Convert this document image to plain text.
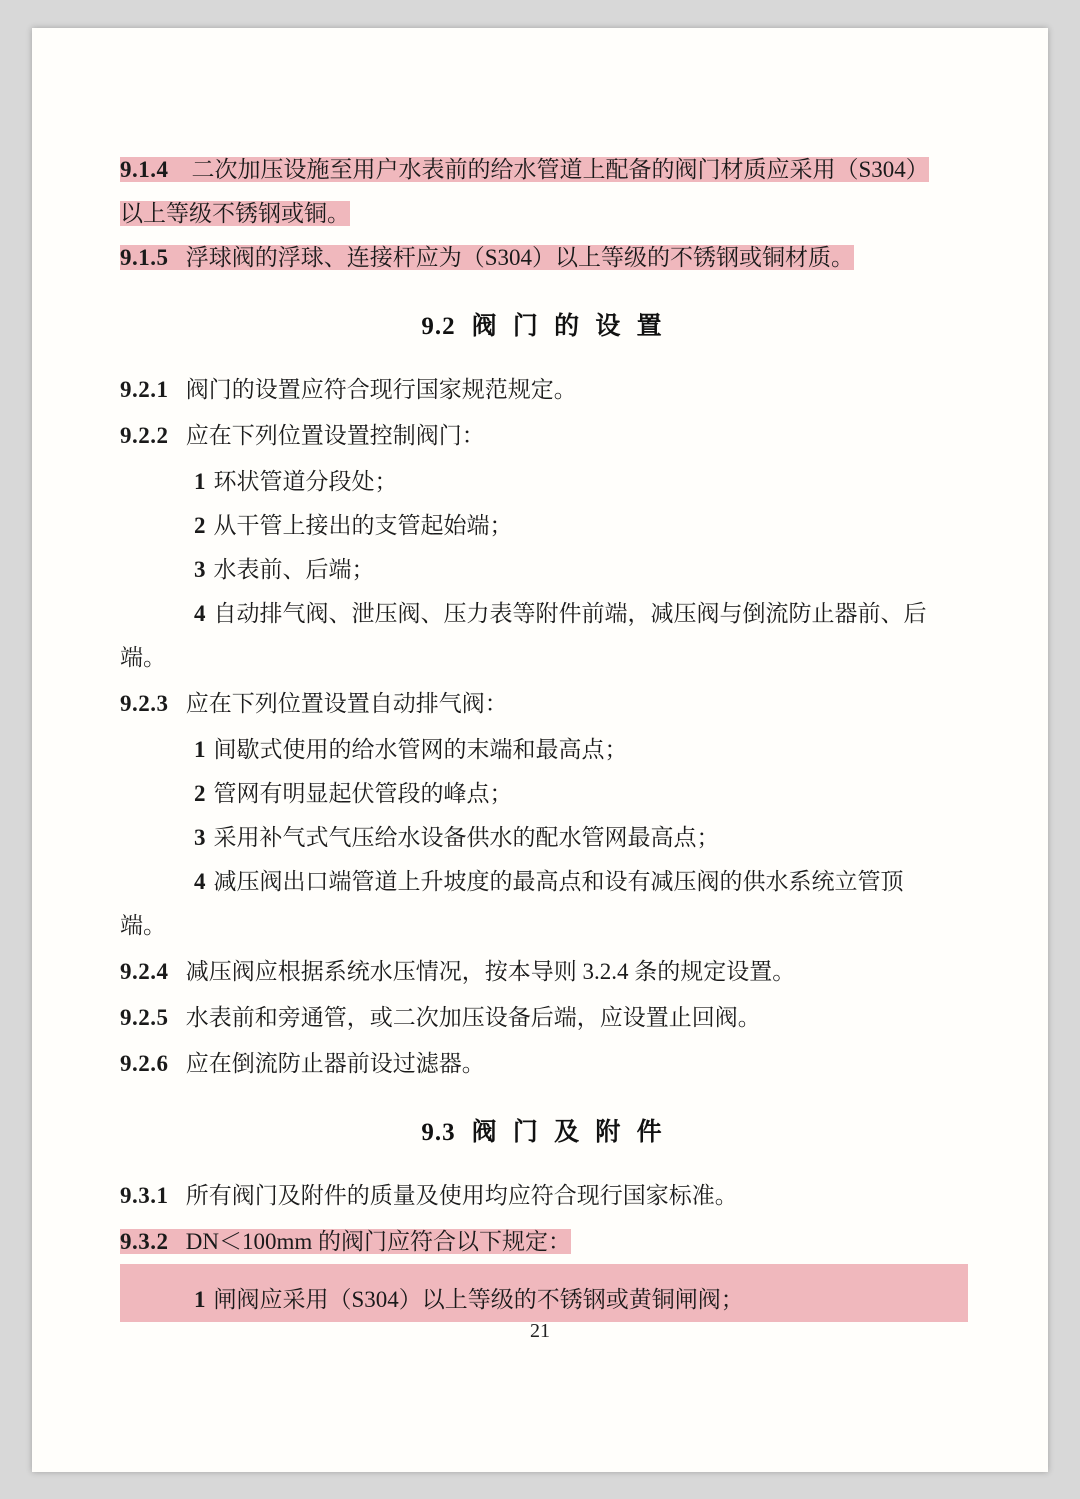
9.1.4 二次加压设施至用户水表前的给水管道上配备的阀门材质应采用（S304）

以上等级不锈钢或铜。

9.1.5 浮球阀的浮球、连接杆应为（S304）以上等级的不锈钢或铜材质。

9.2 阀 门 的 设 置

9.2.1 阀门的设置应符合现行国家规范规定。

9.2.2 应在下列位置设置控制阀门：

1 环状管道分段处；

2 从干管上接出的支管起始端；

3 水表前、后端；

4 自动排气阀、泄压阀、压力表等附件前端，减压阀与倒流防止器前、后

端。

9.2.3 应在下列位置设置自动排气阀：

1 间歇式使用的给水管网的末端和最高点；

2 管网有明显起伏管段的峰点；

3 采用补气式气压给水设备供水的配水管网最高点；

4 减压阀出口端管道上升坡度的最高点和设有减压阀的供水系统立管顶

端。

9.2.4 减压阀应根据系统水压情况，按本导则 3.2.4 条的规定设置。

9.2.5 水表前和旁通管，或二次加压设备后端，应设置止回阀。

9.2.6 应在倒流防止器前设过滤器。

9.3 阀 门 及 附 件

9.3.1 所有阀门及附件的质量及使用均应符合现行国家标准。

9.3.2 DN＜100mm 的阀门应符合以下规定：

1 闸阀应采用（S304）以上等级的不锈钢或黄铜闸阀；

21
